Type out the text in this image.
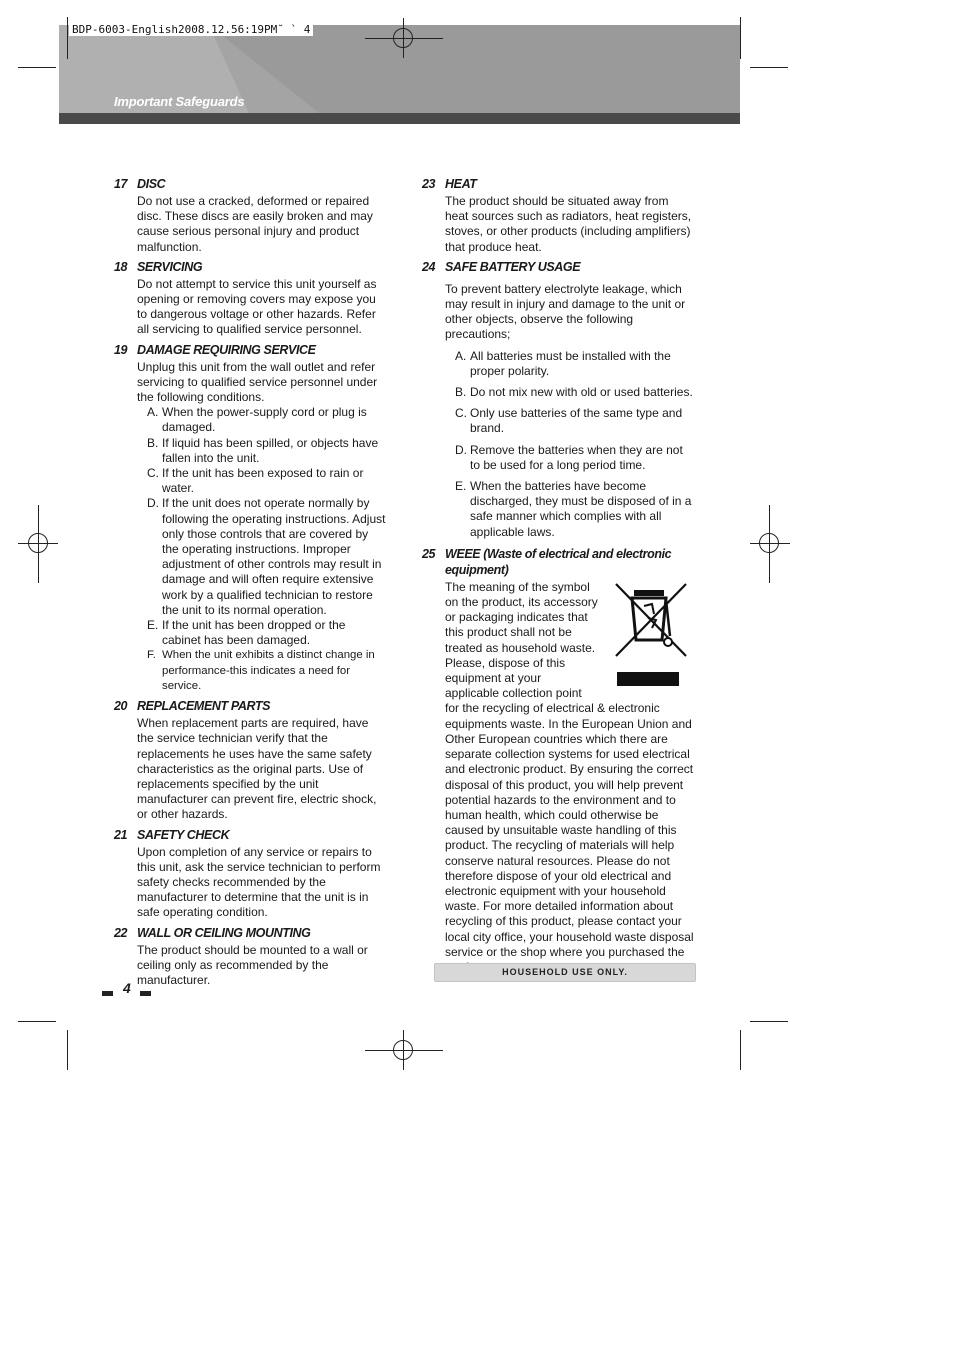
Important Safeguards
BDP-6003-English2008.12.56:19PM˘ ` 4
17 DISC

Do not use a cracked, deformed or repaired disc. These discs are easily broken and may cause serious personal injury and product malfunction.

18 SERVICING

Do not attempt to service this unit yourself as opening or removing covers may expose you to dangerous voltage or other hazards. Refer all servicing to qualified service personnel.

19 DAMAGE REQUIRING SERVICE

Unplug this unit from the wall outlet and refer servicing to qualified service personnel under the following conditions.

A. When the power-supply cord or plug is damaged.

B. If liquid has been spilled, or objects have fallen into the unit.

C. If the unit has been exposed to rain or water.

D. If the unit does not operate normally by following the operating instructions. Adjust only those controls that are covered by the operating instructions. Improper adjustment of other controls may result in damage and will often require extensive work by a qualified technician to restore the unit to its normal operation.

E. If the unit has been dropped or the cabinet has been damaged.

F. When the unit exhibits a distinct change in performance-this indicates a need for service.

20 REPLACEMENT PARTS

When replacement parts are required, have the service technician verify that the replacements he uses have the same safety characteristics as the original parts. Use of replacements specified by the unit manufacturer can prevent fire, electric shock, or other hazards.

21 SAFETY CHECK

Upon completion of any service or repairs to this unit, ask the service technician to perform safety checks recommended by the manufacturer to determine that the unit is in safe operating condition.

22 WALL OR CEILING MOUNTING

The product should be mounted to a wall or ceiling only as recommended by the manufacturer.

23 HEAT

The product should be situated away from heat sources such as radiators, heat registers, stoves, or other products (including amplifiers) that produce heat.

24 SAFE BATTERY USAGE

To prevent battery electrolyte leakage, which may result in injury and damage to the unit or other objects, observe the following precautions;

A. All batteries must be installed with the proper polarity.

B. Do not mix new with old or used batteries.

C. Only use batteries of the same type and brand.

D. Remove the batteries when they are not to be used for a long period time.

E. When the batteries have become discharged, they must be disposed of in a safe manner which complies with all applicable laws.

25 WEEE (Waste of electrical and electronic equipment)

The meaning of the symbol on the product, its accessory or packaging indicates that this product shall not be treated as household waste. Please, dispose of this equipment at your applicable collection point for the recycling of electrical & electronic equipments waste. In the European Union and Other European countries which there are separate collection systems for used electrical and electronic product. By ensuring the correct disposal of this product, you will help prevent potential hazards to the environment and to human health, which could otherwise be caused by unsuitable waste handling of this product. The recycling of materials will help conserve natural resources. Please do not therefore dispose of your old electrical and electronic equipment with your household waste. For more detailed information about recycling of this product, please contact your local city office, your household waste disposal service or the shop where you purchased the

HOUSEHOLD USE ONLY.
4
